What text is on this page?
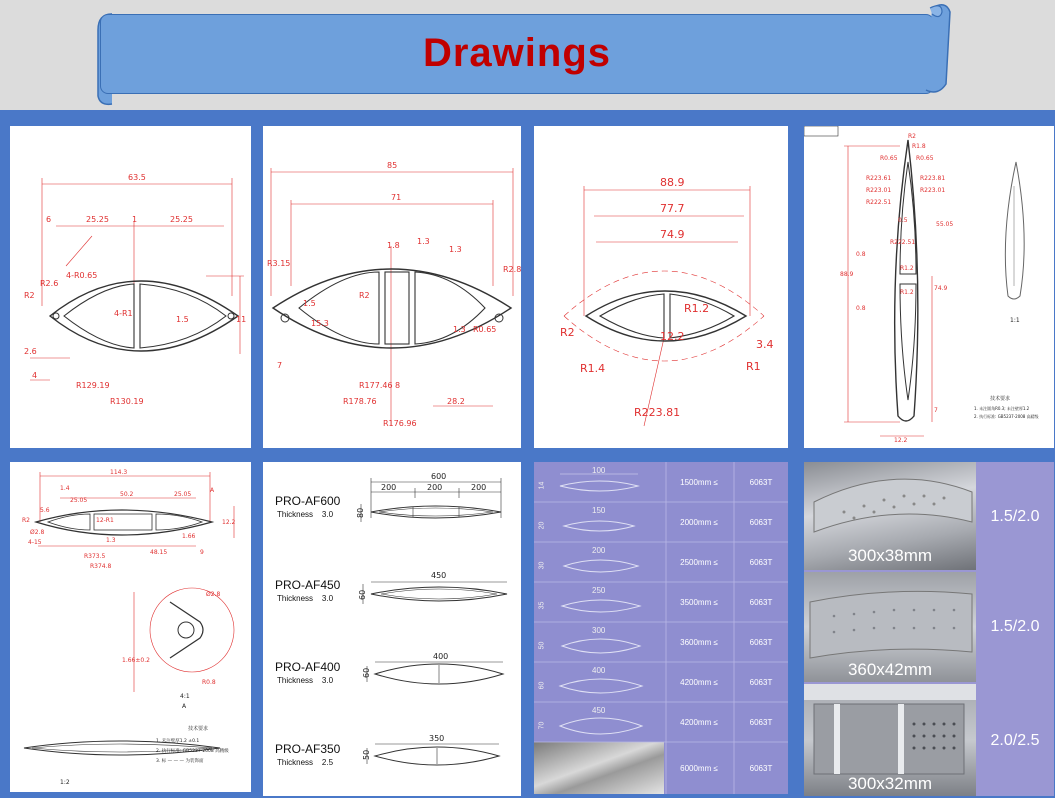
Drawings
63.5
6	25.25	25.25
1
R2
R2.6
4-R0.65
4-R1
1.5	11
2.6
4
R129.19
R130.19
85
71
1.8 1.3
1.3
R3.15
R2.8
R2
15.3
1.5
R0.65
1.3
7
R178.76
R177.46 8
R176.96
28.2
88.9
77.7
74.9
R2
R1.4
12.2
R1.2
3.4
R1
R223.81
R2
R1.8
R0.65	R0.65
R223.61
R223.01
R222.51
R223.81
R223.01
0.5
0.8
0.8
R222.51
55.05
R1.2
R1.2
88.9
74.9
7
12.2
1:1
技术要求
1. 未注圆角R0.3; 未注壁厚1.2
2. 执行标准: GB5237-2008 高精级
114.3
1.4
25.05
50.2	25.05
A
R2
5.6
Ø2.8
12-R1
1.3
1.66
12.2
4-15
R373.5
R374.8
48.15	9
Ø2.8
R0.8
1.66±0.2
4:1
A
1:2
技术要求
1. 未注壁厚1.2 ±0.1
2. 执行标准: GB5237-2008 高精级
3. 标 — — — 为装饰面
600
200	200	200
80
450
60
400
60
350
50
PRO-AF600
Thickness 3.0
PRO-AF450
Thickness 3.0
PRO-AF400
Thickness 3.0
PRO-AF350
Thickness 2.5
100
14	1500mm ≤	6063T
150
20	2000mm ≤	6063T
200
30	2500mm ≤	6063T
250
35	3500mm ≤	6063T
300
50	3600mm ≤	6063T
400
60	4200mm ≤	6063T
450
70	4200mm ≤	6063T
6000mm ≤	6063T
300x38mm
1.5/2.0
360x42mm
1.5/2.0
300x32mm
2.0/2.5
